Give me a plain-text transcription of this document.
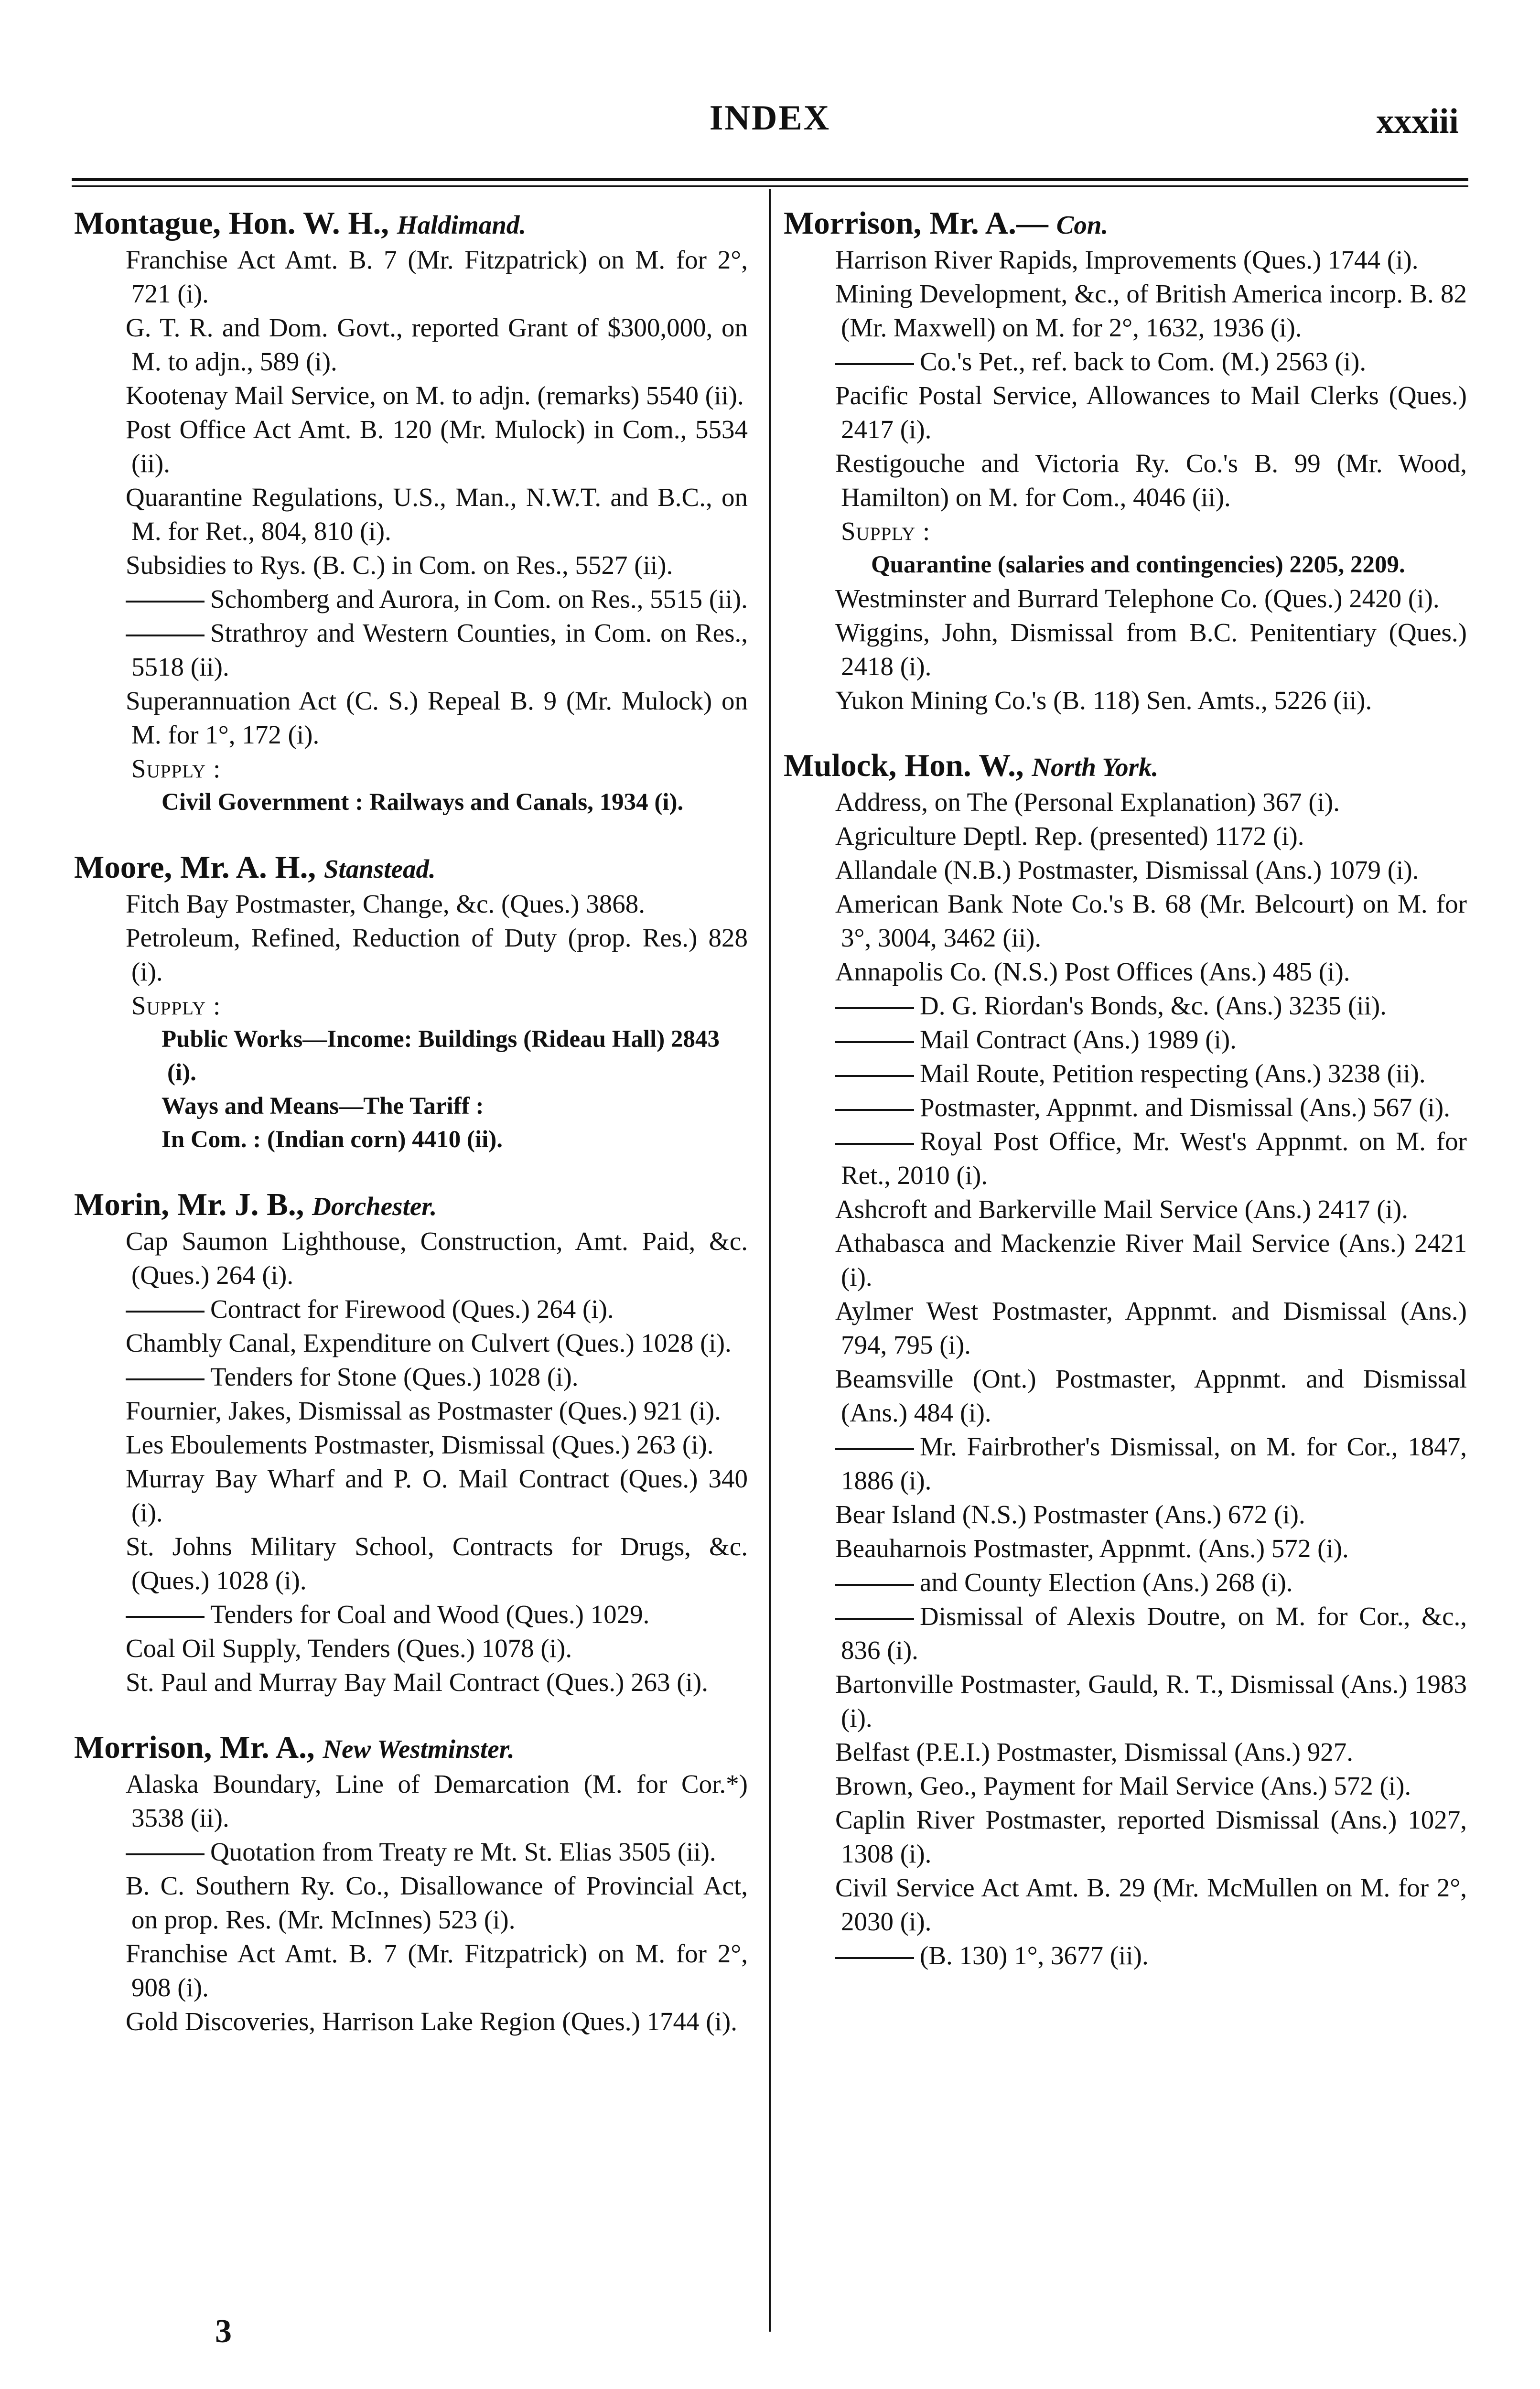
INDEX	xxxiii
Montague, Hon. W. H., Haldimand.
Franchise Act Amt. B. 7 (Mr. Fitzpatrick) on M. for 2°, 721 (i).
G. T. R. and Dom. Govt., reported Grant of $300,000, on M. to adjn., 589 (i).
Kootenay Mail Service, on M. to adjn. (remarks) 5540 (ii).
Post Office Act Amt. B. 120 (Mr. Mulock) in Com., 5534 (ii).
Quarantine Regulations, U.S., Man., N.W.T. and B.C., on M. for Ret., 804, 810 (i).
Subsidies to Rys. (B. C.) in Com. on Res., 5527 (ii).
Schomberg and Aurora, in Com. on Res., 5515 (ii).
Strathroy and Western Counties, in Com. on Res., 5518 (ii).
Superannuation Act (C. S.) Repeal B. 9 (Mr. Mulock) on M. for 1°, 172 (i).
Supply :
Civil Government : Railways and Canals, 1934 (i).
Moore, Mr. A. H., Stanstead.
Fitch Bay Postmaster, Change, &c. (Ques.) 3868.
Petroleum, Refined, Reduction of Duty (prop. Res.) 828 (i).
Supply :
Public Works—Income: Buildings (Rideau Hall) 2843 (i).
Ways and Means—The Tariff :
In Com. : (Indian corn) 4410 (ii).
Morin, Mr. J. B., Dorchester.
Cap Saumon Lighthouse, Construction, Amt. Paid, &c. (Ques.) 264 (i).
Contract for Firewood (Ques.) 264 (i).
Chambly Canal, Expenditure on Culvert (Ques.) 1028 (i).
Tenders for Stone (Ques.) 1028 (i).
Fournier, Jakes, Dismissal as Postmaster (Ques.) 921 (i).
Les Eboulements Postmaster, Dismissal (Ques.) 263 (i).
Murray Bay Wharf and P. O. Mail Contract (Ques.) 340 (i).
St. Johns Military School, Contracts for Drugs, &c. (Ques.) 1028 (i).
Tenders for Coal and Wood (Ques.) 1029.
Coal Oil Supply, Tenders (Ques.) 1078 (i).
St. Paul and Murray Bay Mail Contract (Ques.) 263 (i).
Morrison, Mr. A., New Westminster.
Alaska Boundary, Line of Demarcation (M. for Cor.*) 3538 (ii).
Quotation from Treaty re Mt. St. Elias 3505 (ii).
B. C. Southern Ry. Co., Disallowance of Provincial Act, on prop. Res. (Mr. McInnes) 523 (i).
Franchise Act Amt. B. 7 (Mr. Fitzpatrick) on M. for 2°, 908 (i).
Gold Discoveries, Harrison Lake Region (Ques.) 1744 (i).
Morrison, Mr. A.— Con.
Harrison River Rapids, Improvements (Ques.) 1744 (i).
Mining Development, &c., of British America incorp. B. 82 (Mr. Maxwell) on M. for 2°, 1632, 1936 (i).
Co.'s Pet., ref. back to Com. (M.) 2563 (i).
Pacific Postal Service, Allowances to Mail Clerks (Ques.) 2417 (i).
Restigouche and Victoria Ry. Co.'s B. 99 (Mr. Wood, Hamilton) on M. for Com., 4046 (ii).
Supply :
Quarantine (salaries and contingencies) 2205, 2209.
Westminster and Burrard Telephone Co. (Ques.) 2420 (i).
Wiggins, John, Dismissal from B.C. Penitentiary (Ques.) 2418 (i).
Yukon Mining Co.'s (B. 118) Sen. Amts., 5226 (ii).
Mulock, Hon. W., North York.
Address, on The (Personal Explanation) 367 (i).
Agriculture Deptl. Rep. (presented) 1172 (i).
Allandale (N.B.) Postmaster, Dismissal (Ans.) 1079 (i).
American Bank Note Co.'s B. 68 (Mr. Belcourt) on M. for 3°, 3004, 3462 (ii).
Annapolis Co. (N.S.) Post Offices (Ans.) 485 (i).
D. G. Riordan's Bonds, &c. (Ans.) 3235 (ii).
Mail Contract (Ans.) 1989 (i).
Mail Route, Petition respecting (Ans.) 3238 (ii).
Postmaster, Appnmt. and Dismissal (Ans.) 567 (i).
Royal Post Office, Mr. West's Appnmt. on M. for Ret., 2010 (i).
Ashcroft and Barkerville Mail Service (Ans.) 2417 (i).
Athabasca and Mackenzie River Mail Service (Ans.) 2421 (i).
Aylmer West Postmaster, Appnmt. and Dismissal (Ans.) 794, 795 (i).
Beamsville (Ont.) Postmaster, Appnmt. and Dismissal (Ans.) 484 (i).
Mr. Fairbrother's Dismissal, on M. for Cor., 1847, 1886 (i).
Bear Island (N.S.) Postmaster (Ans.) 672 (i).
Beauharnois Postmaster, Appnmt. (Ans.) 572 (i).
and County Election (Ans.) 268 (i).
Dismissal of Alexis Doutre, on M. for Cor., &c., 836 (i).
Bartonville Postmaster, Gauld, R. T., Dismissal (Ans.) 1983 (i).
Belfast (P.E.I.) Postmaster, Dismissal (Ans.) 927.
Brown, Geo., Payment for Mail Service (Ans.) 572 (i).
Caplin River Postmaster, reported Dismissal (Ans.) 1027, 1308 (i).
Civil Service Act Amt. B. 29 (Mr. McMullen on M. for 2°, 2030 (i).
(B. 130) 1°, 3677 (ii).
3
